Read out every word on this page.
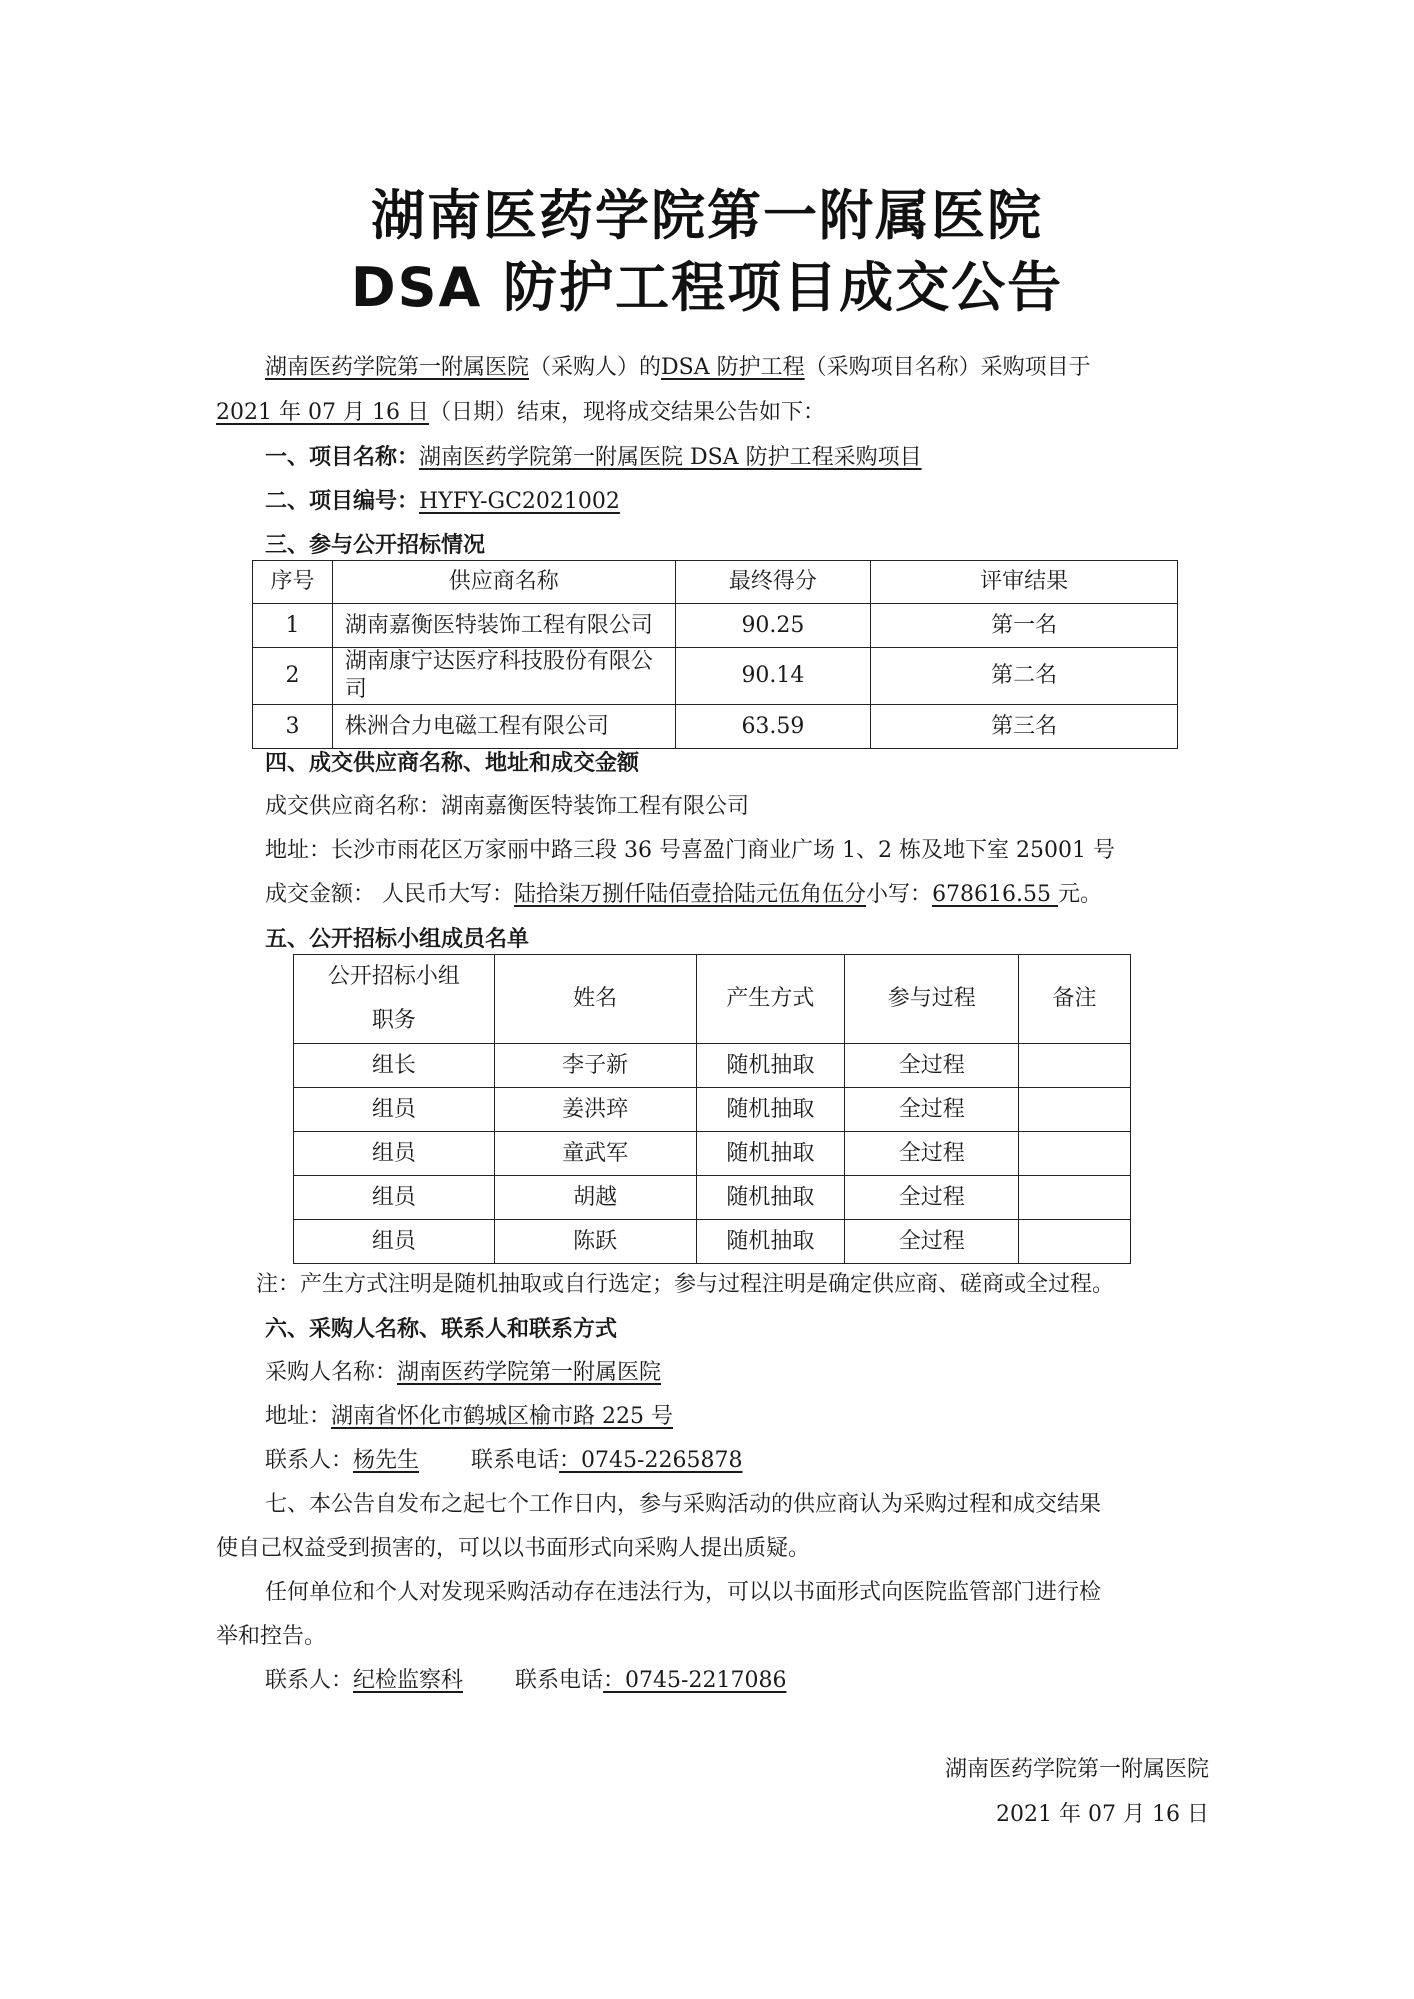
湖南医药学院第一附属医院
DSA 防护工程项目成交公告
湖南医药学院第一附属医院（采购人）的DSA 防护工程（采购项目名称）采购项目于
2021 年 07 月 16 日（日期）结束，现将成交结果公告如下：
一、项目名称：湖南医药学院第一附属医院 DSA 防护工程采购项目
二、项目编号：HYFY-GC2021002
三、参与公开招标情况
序号	供应商名称	最终得分	评审结果
1	湖南嘉衡医特装饰工程有限公司	90.25	第一名
2	湖南康宁达医疗科技股份有限公司	90.14	第二名
3	株洲合力电磁工程有限公司	63.59	第三名
四、成交供应商名称、地址和成交金额
成交供应商名称：湖南嘉衡医特装饰工程有限公司
地址：长沙市雨花区万家丽中路三段 36 号喜盈门商业广场 1、2 栋及地下室 25001 号
成交金额： 人民币大写：陆拾柒万捌仟陆佰壹拾陆元伍角伍分小写：678616.55 元。
五、公开招标小组成员名单
公开招标小组
职务	姓名	产生方式	参与过程	备注
组长	李子新	随机抽取	全过程	
组员	姜洪琗	随机抽取	全过程	
组员	童武军	随机抽取	全过程	
组员	胡越	随机抽取	全过程	
组员	陈跃	随机抽取	全过程	
注：产生方式注明是随机抽取或自行选定；参与过程注明是确定供应商、磋商或全过程。
六、采购人名称、联系人和联系方式
采购人名称：湖南医药学院第一附属医院
地址：湖南省怀化市鹤城区榆市路 225 号
联系人：杨先生 联系电话：0745-2265878
七、本公告自发布之起七个工作日内，参与采购活动的供应商认为采购过程和成交结果
使自己权益受到损害的，可以以书面形式向采购人提出质疑。
任何单位和个人对发现采购活动存在违法行为，可以以书面形式向医院监管部门进行检
举和控告。
联系人：纪检监察科 联系电话：0745-2217086
湖南医药学院第一附属医院
2021 年 07 月 16 日
